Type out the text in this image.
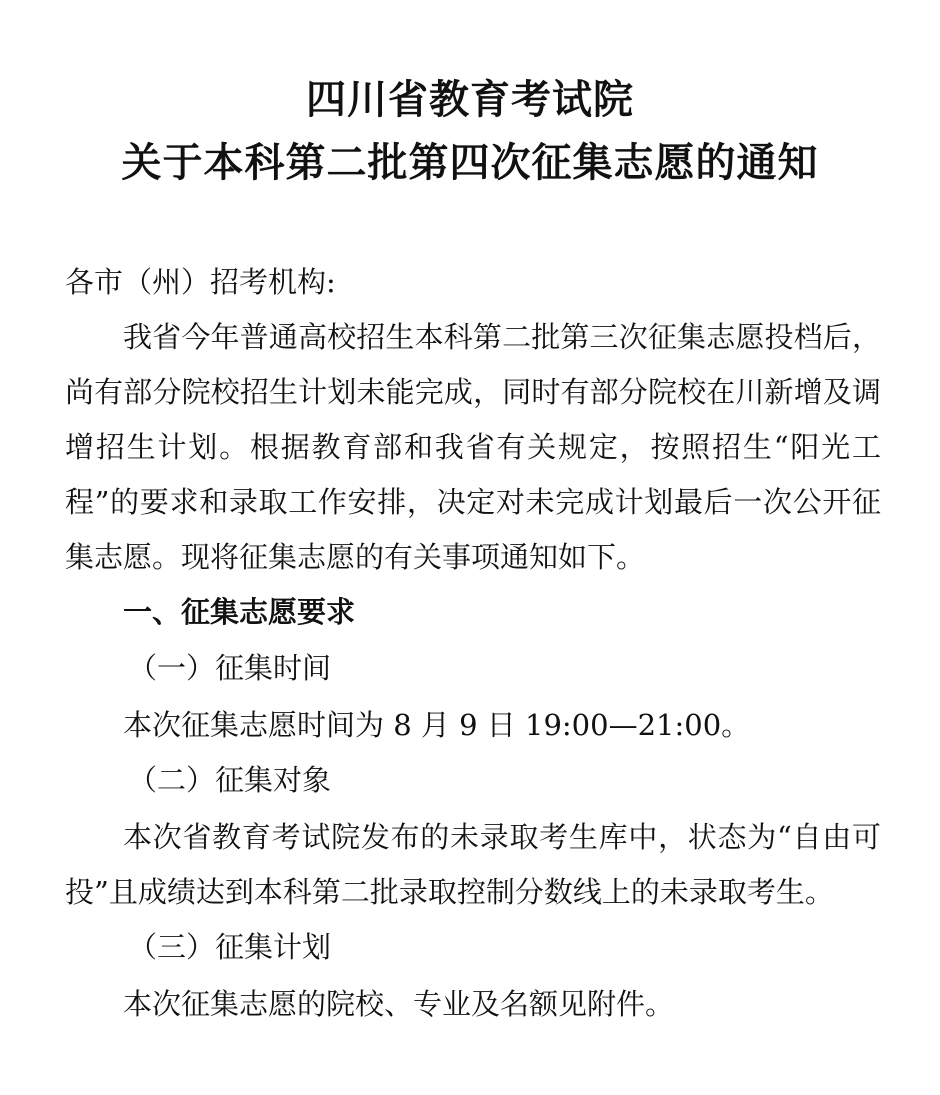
四川省教育考试院
关于本科第二批第四次征集志愿的通知
各市（州）招考机构:
我省今年普通高校招生本科第二批第三次征集志愿投档后，尚有部分院校招生计划未能完成，同时有部分院校在川新增及调增招生计划。根据教育部和我省有关规定，按照招生“阳光工程”的要求和录取工作安排，决定对未完成计划最后一次公开征集志愿。现将征集志愿的有关事项通知如下。
一、征集志愿要求
（一）征集时间
本次征集志愿时间为 8 月 9 日 19:00—21:00。
（二）征集对象
本次省教育考试院发布的未录取考生库中，状态为“自由可投”且成绩达到本科第二批录取控制分数线上的未录取考生。
（三）征集计划
本次征集志愿的院校、专业及名额见附件。
